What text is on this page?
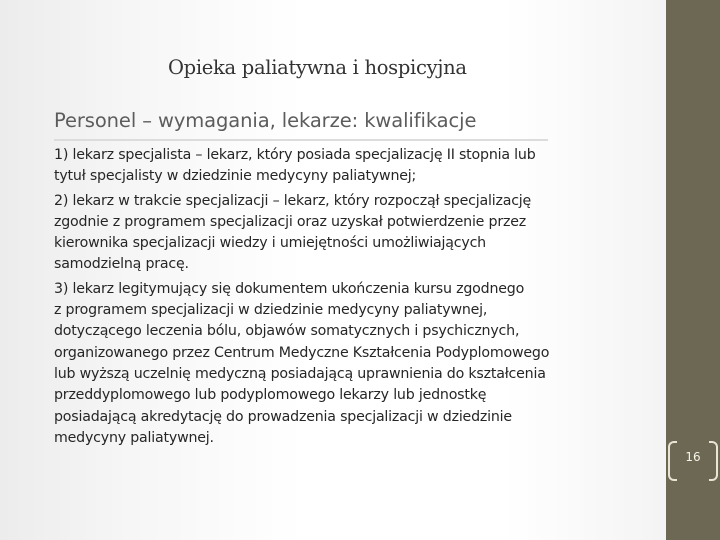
Opieka paliatywna i hospicyjna
Personel – wymagania, lekarze: kwalifikacje

1) lekarz specjalista – lekarz, który posiada specjalizację II stopnia lub
tytuł specjalisty w dziedzinie medycyny paliatywnej;

2) lekarz w trakcie specjalizacji – lekarz, który rozpoczął specjalizację
zgodnie z programem specjalizacji oraz uzyskał potwierdzenie przez
kierownika specjalizacji wiedzy i umiejętności umożliwiających
samodzielną pracę.

3) lekarz legitymujący się dokumentem ukończenia kursu zgodnego
z programem specjalizacji w dziedzinie medycyny paliatywnej,
dotyczącego leczenia bólu, objawów somatycznych i psychicznych,
organizowanego przez Centrum Medyczne Kształcenia Podyplomowego
lub wyższą uczelnię medyczną posiadającą uprawnienia do kształcenia
przeddyplomowego lub podyplomowego lekarzy lub jednostkę
posiadającą akredytację do prowadzenia specjalizacji w dziedzinie
medycyny paliatywnej.

16
